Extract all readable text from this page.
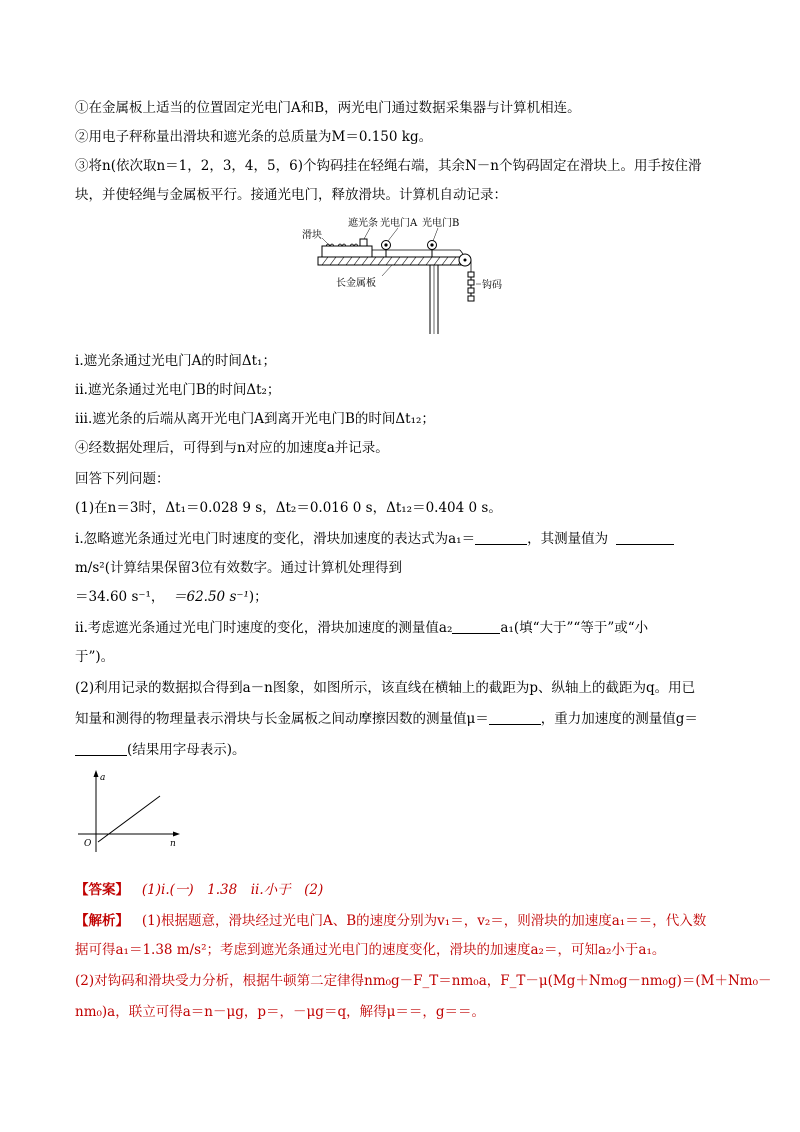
①在金属板上适当的位置固定光电门A和B，两光电门通过数据采集器与计算机相连。
②用电子秤称量出滑块和遮光条的总质量为M＝0.150 kg。
③将n(依次取n＝1，2，3，4，5，6)个钩码挂在轻绳右端，其余N－n个钩码固定在滑块上。用手按住滑
块，并使轻绳与金属板平行。接通光电门，释放滑块。计算机自动记录：
滑块
遮光条 光电门A 光电门B
长金属板	钩码
i.遮光条通过光电门A的时间Δt₁；
ii.遮光条通过光电门B的时间Δt₂；
iii.遮光条的后端从离开光电门A到离开光电门B的时间Δt₁₂；
④经数据处理后，可得到与n对应的加速度a并记录。
回答下列问题：
(1)在n＝3时，Δt₁＝0.028 9 s，Δt₂＝0.016 0 s，Δt₁₂＝0.404 0 s。
i.忽略遮光条通过光电门时速度的变化，滑块加速度的表达式为a₁＝	，其测量值为
m/s²(计算结果保留3位有效数字。通过计算机处理得到
＝34.60 s⁻¹， ＝62.50 s⁻¹)；
ii.考虑遮光条通过光电门时速度的变化，滑块加速度的测量值a₂	a₁(填“大于”“等于”或“小
于”)。
(2)利用记录的数据拟合得到a－n图象，如图所示，该直线在横轴上的截距为p、纵轴上的截距为q。用已
知量和测得的物理量表示滑块与长金属板之间动摩擦因数的测量值μ＝	，重力加速度的测量值g＝
(结果用字母表示)。
a
n
O
【答案】 (1)i.(一)　1.38　ii.小于　(2)
【解析】 (1)根据题意，滑块经过光电门A、B的速度分别为v₁＝，v₂＝，则滑块的加速度a₁＝＝，代入数
据可得a₁＝1.38 m/s²；考虑到遮光条通过光电门的速度变化，滑块的加速度a₂＝，可知a₂小于a₁。
(2)对钩码和滑块受力分析，根据牛顿第二定律得nm₀g－F_T＝nm₀a，F_T－μ(Mg＋Nm₀g－nm₀g)＝(M＋Nm₀－
nm₀)a，联立可得a＝n－μg，p＝，－μg＝q，解得μ＝＝，g＝＝。
